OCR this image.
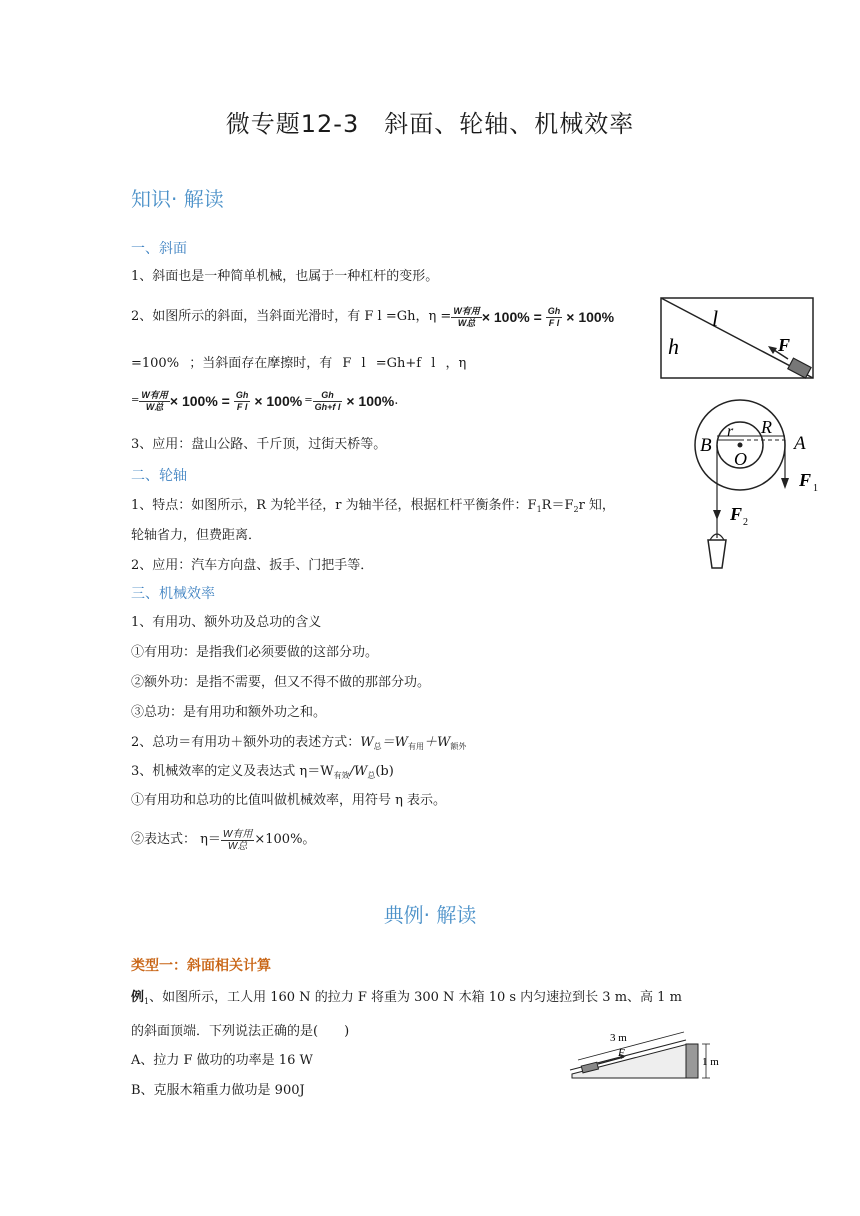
微专题12-3　斜面、轮轴、机械效率
知识· 解读
一、斜面
1、斜面也是一种简单机械，也属于一种杠杆的变形。
2、如图所示的斜面，当斜面光滑时，有 F l =Gh，$\eta = \frac{\text{W有用}}{\text{W总}} \times 100\% = \frac{Gh}{\text{F l}} \times 100\%$
=100% ；当斜面存在摩擦时，有 F l =Gh+f l ，η
= $\frac{\text{W有用}}{\text{W总}} \times 100\% = \frac{Gh}{\text{F l}} \times 100\% = \frac{Gh}{\text{Gh+f l}} \times 100\%$ .
3、应用：盘山公路、千斤顶，过街天桥等。
二、轮轴
1、特点：如图所示，R 为轮半径，r 为轴半径，根据杠杆平衡条件：$F_1R=F_2r$ 知，
轮轴省力，但费距离．
2、应用：汽车方向盘、扳手、门把手等．
三、机械效率
1、有用功、额外功及总功的含义
①有用功：是指我们必须要做的这部分功。
②额外功：是指不需要，但又不得不做的那部分功。
③总功：是有用功和额外功之和。
2、总功＝有用功＋额外功的表述方式：$W_总=W_{有用}+W_{额外}$
3、机械效率的定义及表达式 $\eta=W_{有效}/W_总(b)$
①有用功和总功的比值叫做机械效率，用符号 η 表示。
②表达式： $\eta= \frac{\text{W有用}}{\text{W总}} \times 100\%$。
典例· 解读
类型一：斜面相关计算
例$_1$、如图所示，工人用 160 N 的拉力 F 将重为 300 N 木箱 10 s 内匀速拉到长 3 m、高 1 m
的斜面顶端．下列说法正确的是(　　)
A、拉力 F 做功的功率是 16 W
B、克服木箱重力做功是 900J
l
h	F
B
r R
A
O
F 1
F 2
3 m
1 m
F
